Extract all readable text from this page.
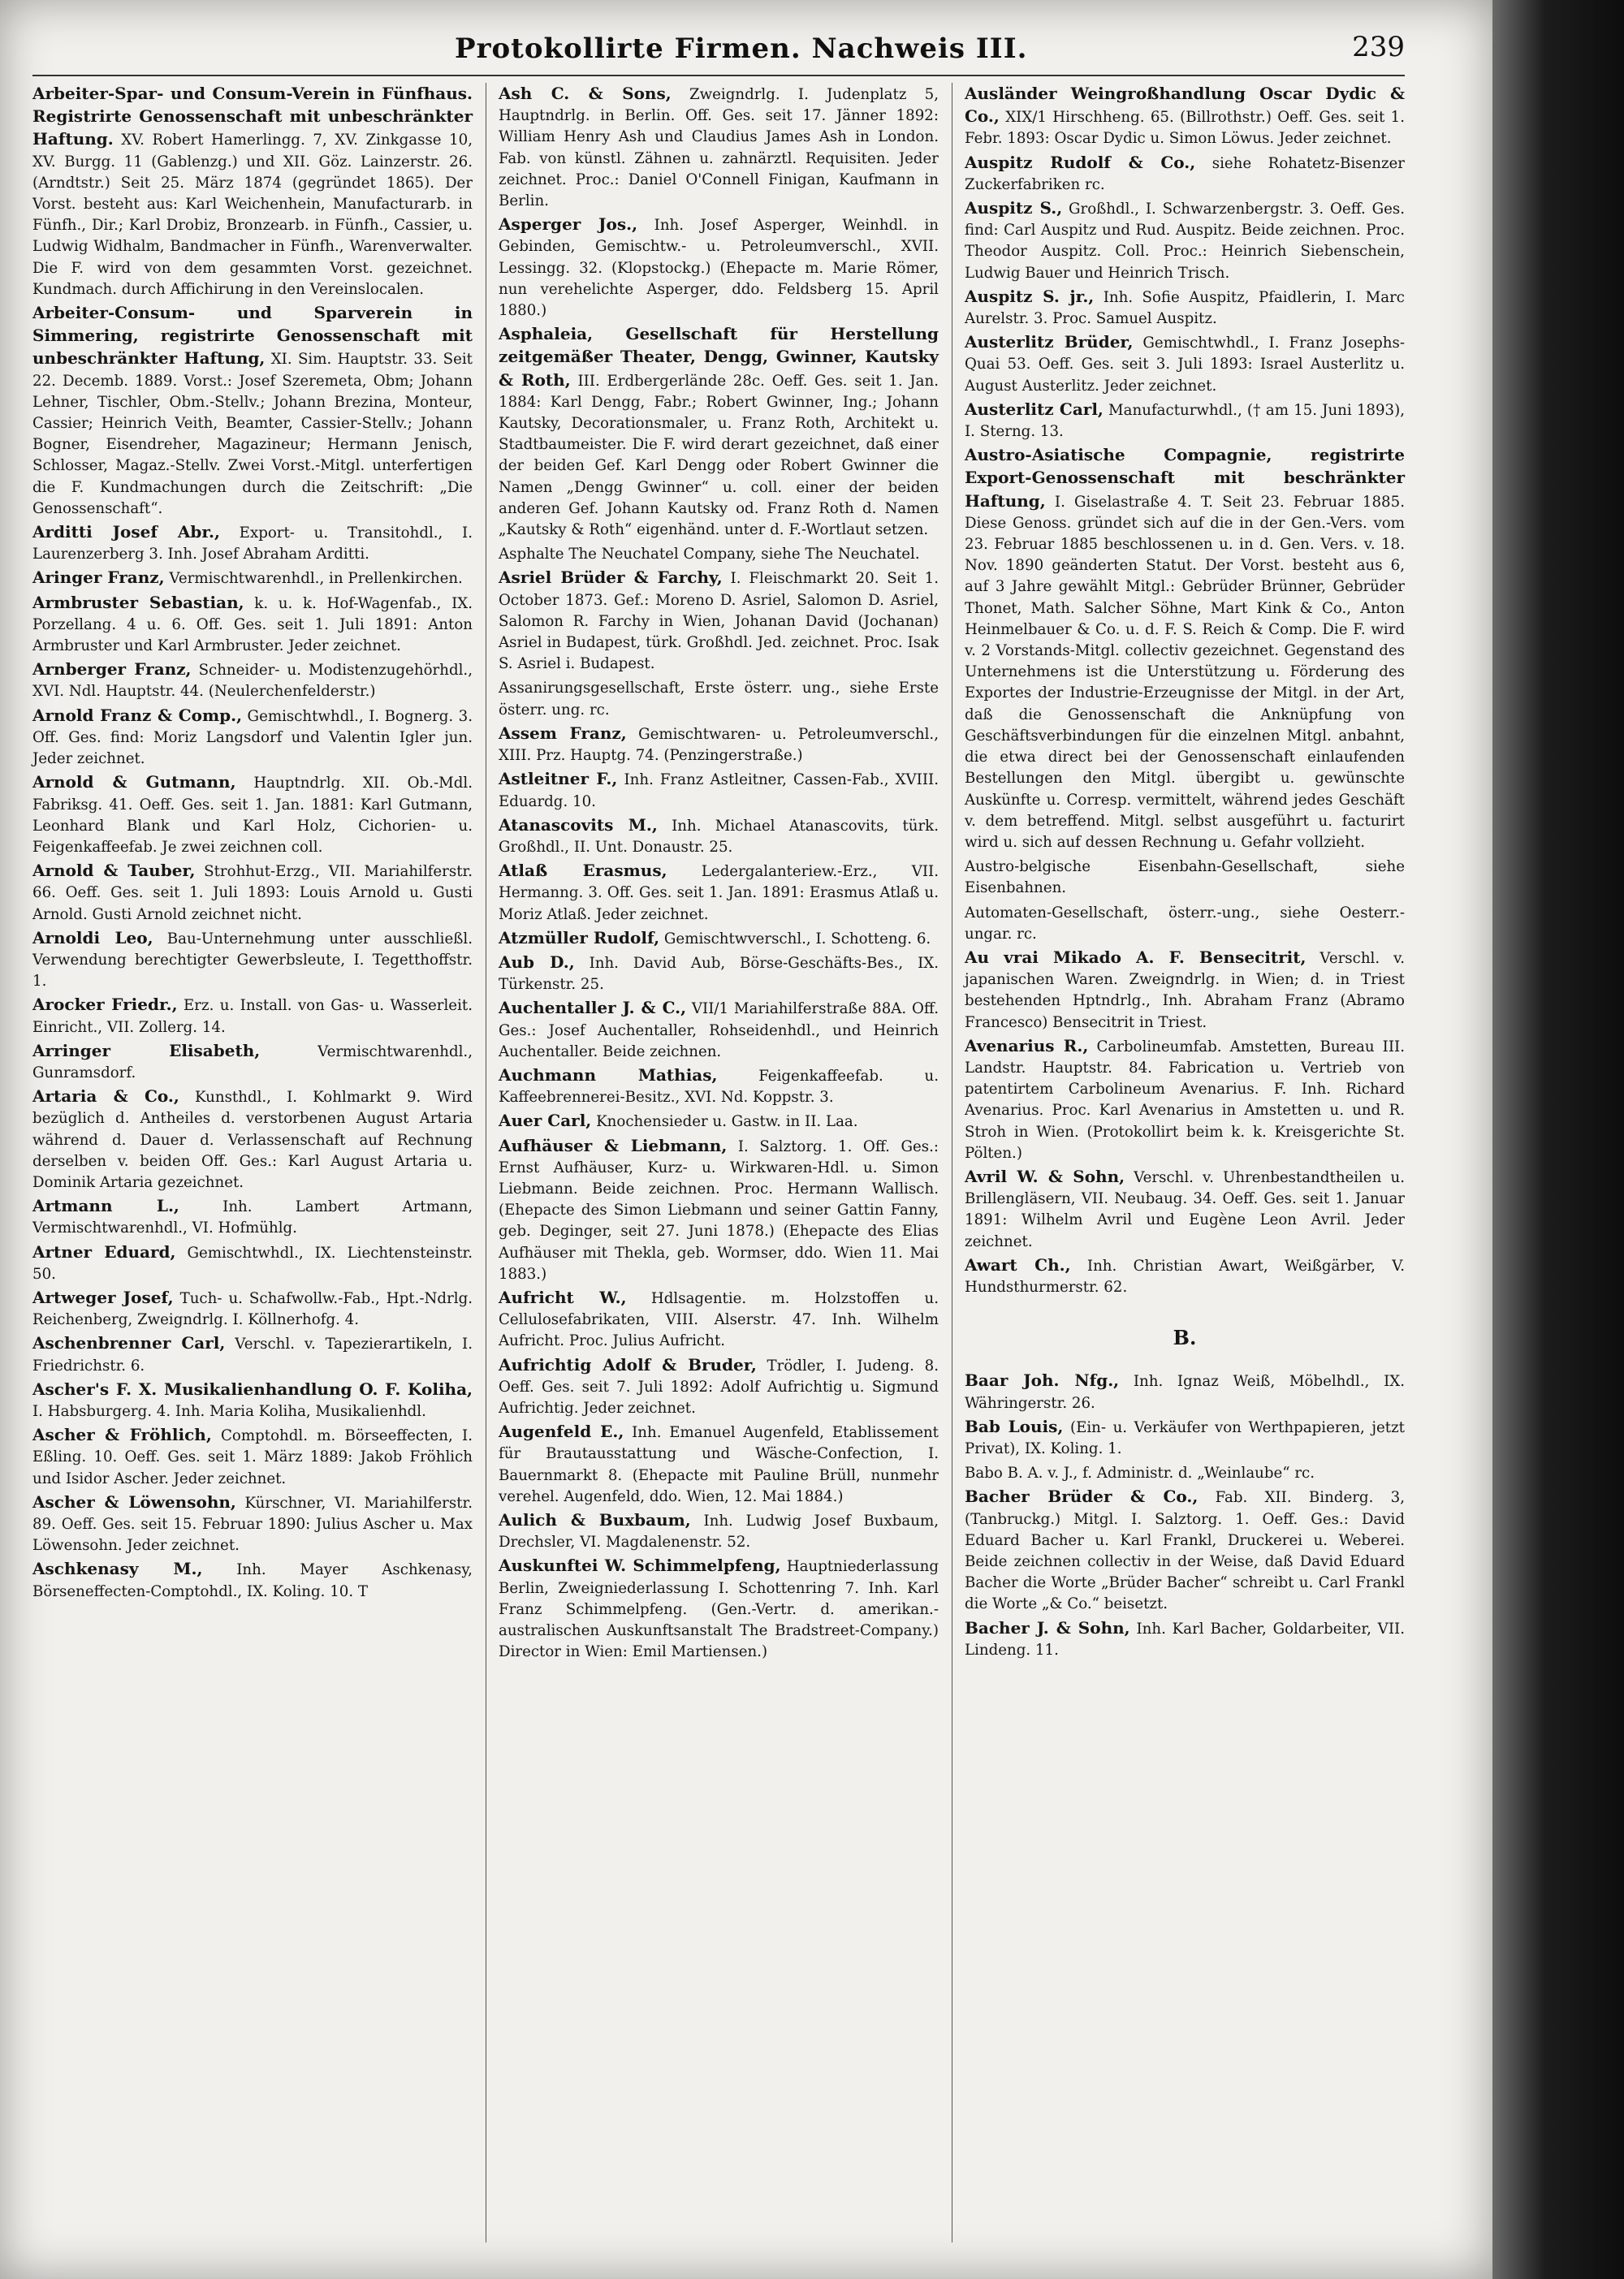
Protokollirte Firmen. Nachweis III.	239

Arbeiter-Spar- und Consum-Verein in Fünfhaus. Registrirte Genossenschaft mit unbeschränkter Haftung. XV. Robert Hamerlingg. 7, XV. Zinkgasse 10, XV. Burgg. 11 (Gablenzg.) und XII. Göz. Lainzerstr. 26. (Arndtstr.) Seit 25. März 1874 (gegründet 1865). Der Vorst. besteht aus: Karl Weichenhein, Manufacturarb. in Fünfh., Dir.; Karl Drobiz, Bronzearb. in Fünfh., Cassier, u. Ludwig Widhalm, Bandmacher in Fünfh., Warenverwalter. Die F. wird von dem gesammten Vorst. gezeichnet. Kundmach. durch Affichirung in den Vereinslocalen.

Arbeiter-Consum- und Sparverein in Simmering, registrirte Genossenschaft mit unbeschränkter Haftung, XI. Sim. Hauptstr. 33. Seit 22. Decemb. 1889. Vorst.: Josef Szeremeta, Obm; Johann Lehner, Tischler, Obm.-Stellv.; Johann Brezina, Monteur, Cassier; Heinrich Veith, Beamter, Cassier-Stellv.; Johann Bogner, Eisendreher, Magazineur; Hermann Jenisch, Schlosser, Magaz.-Stellv. Zwei Vorst.-Mitgl. unterfertigen die F. Kundmachungen durch die Zeitschrift: „Die Genossenschaft“.

Arditti Josef Abr., Export- u. Transitohdl., I. Laurenzerberg 3. Inh. Josef Abraham Arditti.

Aringer Franz, Vermischtwarenhdl., in Prellenkirchen.

Armbruster Sebastian, k. u. k. Hof-Wagenfab., IX. Porzellang. 4 u. 6. Off. Ges. seit 1. Juli 1891: Anton Armbruster und Karl Armbruster. Jeder zeichnet.

Arnberger Franz, Schneider- u. Modistenzugehörhdl., XVI. Ndl. Hauptstr. 44. (Neulerchenfelderstr.)

Arnold Franz & Comp., Gemischtwhdl., I. Bognerg. 3. Off. Ges. find: Moriz Langsdorf und Valentin Igler jun. Jeder zeichnet.

Arnold & Gutmann, Hauptndrlg. XII. Ob.-Mdl. Fabriksg. 41. Oeff. Ges. seit 1. Jan. 1881: Karl Gutmann, Leonhard Blank und Karl Holz, Cichorien- u. Feigenkaffeefab. Je zwei zeichnen coll.

Arnold & Tauber, Strohhut-Erzg., VII. Mariahilferstr. 66. Oeff. Ges. seit 1. Juli 1893: Louis Arnold u. Gusti Arnold. Gusti Arnold zeichnet nicht.

Arnoldi Leo, Bau-Unternehmung unter ausschließl. Verwendung berechtigter Gewerbsleute, I. Tegetthoffstr. 1.

Arocker Friedr., Erz. u. Install. von Gas- u. Wasserleit. Einricht., VII. Zollerg. 14.

Arringer Elisabeth,	Vermischtwarenhdl., Gunramsdorf.

Artaria & Co., Kunsthdl., I. Kohlmarkt 9. Wird bezüglich d. Antheiles d. verstorbenen August Artaria während d. Dauer d. Verlassenschaft auf Rechnung derselben v. beiden Off. Ges.: Karl August Artaria u. Dominik Artaria gezeichnet.

Artmann L.,	Inh. Lambert Artmann, Vermischtwarenhdl., VI. Hofmühlg.

Artner Eduard, Gemischtwhdl., IX. Liechtensteinstr. 50.

Artweger Josef, Tuch- u. Schafwollw.-Fab., Hpt.-Ndrlg. Reichenberg, Zweigndrlg. I. Köllnerhofg. 4.

Aschenbrenner Carl, Verschl. v. Tapezierartikeln, I. Friedrichstr. 6.

Ascher's F. X. Musikalienhandlung O. F. Koliha, I. Habsburgerg. 4. Inh. Maria Koliha, Musikalienhdl.

Ascher & Fröhlich, Comptohdl. m. Börseeffecten, I. Eßling. 10. Oeff. Ges. seit 1. März 1889: Jakob Fröhlich und Isidor Ascher. Jeder zeichnet.

Ascher & Löwensohn, Kürschner, VI. Mariahilferstr. 89. Oeff. Ges. seit 15. Februar 1890: Julius Ascher u. Max Löwensohn. Jeder zeichnet.

Aschkenasy M., Inh. Mayer Aschkenasy, Börseneffecten-Comptohdl., IX. Koling. 10. T

Ash C. & Sons, Zweigndrlg. I. Judenplatz 5, Hauptndrlg. in Berlin. Off. Ges. seit 17. Jänner 1892: William Henry Ash und Claudius James Ash in London. Fab. von künstl. Zähnen u. zahnärztl. Requisiten. Jeder zeichnet. Proc.: Daniel O'Connell Finigan, Kaufmann in Berlin.

Asperger Jos., Inh. Josef Asperger, Weinhdl. in Gebinden, Gemischtw.- u. Petroleumverschl., XVII. Lessingg. 32. (Klopstockg.) (Ehepacte m. Marie Römer, nun verehelichte Asperger, ddo. Feldsberg 15. April 1880.)

Asphaleia, Gesellschaft für Herstellung zeitgemäßer Theater, Dengg, Gwinner, Kautsky & Roth, III. Erdbergerlände 28c. Oeff. Ges. seit 1. Jan. 1884: Karl Dengg, Fabr.; Robert Gwinner, Ing.; Johann Kautsky, Decorationsmaler, u. Franz Roth, Architekt u. Stadtbaumeister. Die F. wird derart gezeichnet, daß einer der beiden Gef. Karl Dengg oder Robert Gwinner die Namen „Dengg Gwinner“ u. coll. einer der beiden anderen Gef. Johann Kautsky od. Franz Roth d. Namen „Kautsky & Roth“ eigenhänd. unter d. F.-Wortlaut setzen.

Asphalte The Neuchatel Company, siehe The Neuchatel.

Asriel Brüder & Farchy, I. Fleischmarkt 20. Seit 1. October 1873. Gef.: Moreno D. Asriel, Salomon D. Asriel, Salomon R. Farchy in Wien, Johanan David (Jochanan) Asriel in Budapest, türk. Großhdl. Jed. zeichnet. Proc. Isak S. Asriel i. Budapest.

Assanirungsgesellschaft, Erste österr. ung., siehe Erste österr. ung. rc.

Assem Franz, Gemischtwaren- u. Petroleumverschl., XIII. Prz. Hauptg. 74. (Penzingerstraße.)

Astleitner F., Inh. Franz Astleitner, Cassen-Fab., XVIII. Eduardg. 10.

Atanascovits M., Inh. Michael Atanascovits, türk. Großhdl., II. Unt. Donaustr. 25.

Atlaß Erasmus, Ledergalanteriew.-Erz., VII. Hermanng. 3. Off. Ges. seit 1. Jan. 1891: Erasmus Atlaß u. Moriz Atlaß. Jeder zeichnet.

Atzmüller Rudolf, Gemischtwverschl., I. Schotteng. 6.

Aub D., Inh. David Aub, Börse-Geschäfts-Bes., IX. Türkenstr. 25.

Auchentaller J. & C., VII/1 Mariahilferstraße 88A. Off. Ges.: Josef Auchentaller, Rohseidenhdl., und Heinrich Auchentaller. Beide zeichnen.

Auchmann Mathias,	Feigenkaffeefab. u. Kaffeebrennerei-Besitz., XVI. Nd. Koppstr. 3.

Auer Carl, Knochensieder u. Gastw. in II. Laa.

Aufhäuser & Liebmann, I. Salztorg. 1. Off. Ges.: Ernst Aufhäuser, Kurz- u. Wirkwaren-Hdl. u. Simon Liebmann. Beide zeichnen. Proc. Hermann Wallisch. (Ehepacte des Simon Liebmann und seiner Gattin Fanny, geb. Deginger, seit 27. Juni 1878.) (Ehepacte des Elias Aufhäuser mit Thekla, geb. Wormser, ddo. Wien 11. Mai 1883.)

Aufricht W., Hdlsagentie. m. Holzstoffen u. Cellulosefabrikaten, VIII. Alserstr. 47. Inh. Wilhelm Aufricht. Proc. Julius Aufricht.

Aufrichtig Adolf & Bruder, Trödler, I. Judeng. 8. Oeff. Ges. seit 7. Juli 1892: Adolf Aufrichtig u. Sigmund Aufrichtig. Jeder zeichnet.

Augenfeld E., Inh. Emanuel Augenfeld, Etablissement für Brautausstattung und Wäsche-Confection, I. Bauernmarkt 8. (Ehepacte mit Pauline Brüll, nunmehr verehel. Augenfeld, ddo. Wien, 12. Mai 1884.)

Aulich & Buxbaum, Inh. Ludwig Josef Buxbaum, Drechsler, VI. Magdalenenstr. 52.

Auskunftei W. Schimmelpfeng, Hauptniederlassung Berlin, Zweigniederlassung I. Schottenring 7. Inh. Karl Franz Schimmelpfeng. (Gen.-Vertr. d. amerikan.-australischen Auskunftsanstalt The Bradstreet-Company.) Director in Wien: Emil Martiensen.)

Ausländer Weingroßhandlung Oscar Dydic & Co., XIX/1 Hirschheng. 65. (Billrothstr.) Oeff. Ges. seit 1. Febr. 1893: Oscar Dydic u. Simon Löwus. Jeder zeichnet.

Auspitz Rudolf & Co., siehe Rohatetz-Bisenzer Zuckerfabriken rc.

Auspitz S., Großhdl., I. Schwarzenbergstr. 3. Oeff. Ges. find: Carl Auspitz und Rud. Auspitz. Beide zeichnen. Proc. Theodor Auspitz. Coll. Proc.: Heinrich Siebenschein, Ludwig Bauer und Heinrich Trisch.

Auspitz S. jr., Inh. Sofie Auspitz, Pfaidlerin, I. Marc Aurelstr. 3. Proc. Samuel Auspitz.

Austerlitz Brüder, Gemischtwhdl., I. Franz Josephs-Quai 53. Oeff. Ges. seit 3. Juli 1893: Israel Austerlitz u. August Austerlitz. Jeder zeichnet.

Austerlitz Carl, Manufacturwhdl., († am 15. Juni 1893), I. Sterng. 13.

Austro-Asiatische Compagnie, registrirte Export-Genossenschaft mit beschränkter Haftung, I. Giselastraße 4. T. Seit 23. Februar 1885. Diese Genoss. gründet sich auf die in der Gen.-Vers. vom 23. Februar 1885 beschlossenen u. in d. Gen. Vers. v. 18. Nov. 1890 geänderten Statut. Der Vorst. besteht aus 6, auf 3 Jahre gewählt Mitgl.: Gebrüder Brünner, Gebrüder Thonet, Math. Salcher Söhne, Mart Kink & Co., Anton Heinmelbauer & Co. u. d. F. S. Reich & Comp. Die F. wird v. 2 Vorstands-Mitgl. collectiv gezeichnet. Gegenstand des Unternehmens ist die Unterstützung u. Förderung des Exportes der Industrie-Erzeugnisse der Mitgl. in der Art, daß die Genossenschaft die Anknüpfung von Geschäftsverbindungen für die einzelnen Mitgl. anbahnt, die etwa direct bei der Genossenschaft einlaufenden Bestellungen den Mitgl. übergibt u. gewünschte Auskünfte u. Corresp. vermittelt, während jedes Geschäft v. dem betreffend. Mitgl. selbst ausgeführt u. facturirt wird u. sich auf dessen Rechnung u. Gefahr vollzieht.

Austro-belgische Eisenbahn-Gesellschaft, siehe Eisenbahnen.

Automaten-Gesellschaft, österr.-ung., siehe Oesterr.-ungar. rc.

Au vrai Mikado A. F. Bensecitrit, Verschl. v. japanischen Waren. Zweigndrlg. in Wien; d. in Triest bestehenden Hptndrlg., Inh. Abraham Franz (Abramo Francesco) Bensecitrit in Triest.

Avenarius R., Carbolineumfab. Amstetten, Bureau III. Landstr. Hauptstr. 84. Fabrication u. Vertrieb von patentirtem Carbolineum Avenarius. F. Inh. Richard Avenarius. Proc. Karl Avenarius in Amstetten u. und R. Stroh in Wien. (Protokollirt beim k. k. Kreisgerichte St. Pölten.)

Avril W. & Sohn, Verschl. v. Uhrenbestandtheilen u. Brillengläsern, VII. Neubaug. 34. Oeff. Ges. seit 1. Januar 1891: Wilhelm Avril und Eugène Leon Avril. Jeder zeichnet.

Awart Ch., Inh. Christian Awart, Weißgärber, V. Hundsthurmerstr. 62.

B.

Baar Joh. Nfg., Inh. Ignaz Weiß, Möbelhdl., IX. Währingerstr. 26.

Bab Louis, (Ein- u. Verkäufer von Werthpapieren, jetzt Privat), IX. Koling. 1.

Babo B. A. v. J., f. Administr. d. „Weinlaube“ rc.

Bacher Brüder & Co., Fab. XII. Binderg. 3, (Tanbruckg.) Mitgl. I. Salztorg. 1. Oeff. Ges.: David Eduard Bacher u. Karl Frankl, Druckerei u. Weberei. Beide zeichnen collectiv in der Weise, daß David Eduard Bacher die Worte „Brüder Bacher“ schreibt u. Carl Frankl die Worte „& Co.“ beisetzt.

Bacher J. & Sohn, Inh. Karl Bacher, Goldarbeiter, VII. Lindeng. 11.
